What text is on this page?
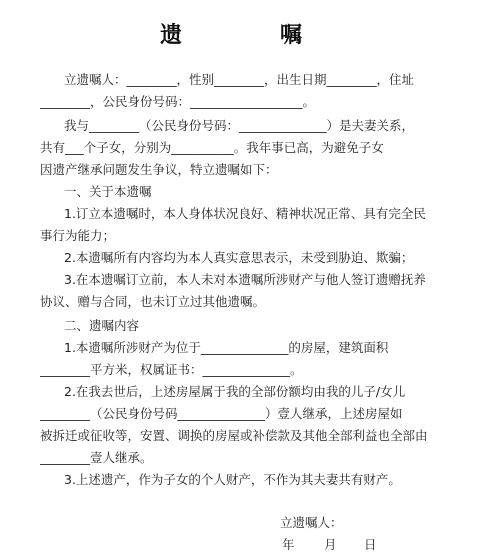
遗　嘱
立遗嘱人：________，性别________，出生日期________，住址
________，公民身份号码：__________________。
我与________（公民身份号码：______________）是夫妻关系，
共有___个子女，分别为__________。我年事已高，为避免子女
因遗产继承问题发生争议，特立遗嘱如下：
一、关于本遗嘱
1.订立本遗嘱时，本人身体状况良好、精神状况正常、具有完全民
事行为能力；
2.本遗嘱所有内容均为本人真实意思表示，未受到胁迫、欺骗；
3.在本遗嘱订立前，本人未对本遗嘱所涉财产与他人签订遗赠抚养
协议、赠与合同，也未订立过其他遗嘱。
二、遗嘱内容
1.本遗嘱所涉财产为位于______________的房屋，建筑面积
________平方米，权属证书：______________。
2.在我去世后，上述房屋属于我的全部份额均由我的儿子/女儿
________（公民身份号码______________）壹人继承，上述房屋如
被拆迁或征收等，安置、调换的房屋或补偿款及其他全部利益也全部由
________壹人继承。
3.上述遗产，作为子女的个人财产，不作为其夫妻共有财产。
立遗嘱人：
年 月 日
